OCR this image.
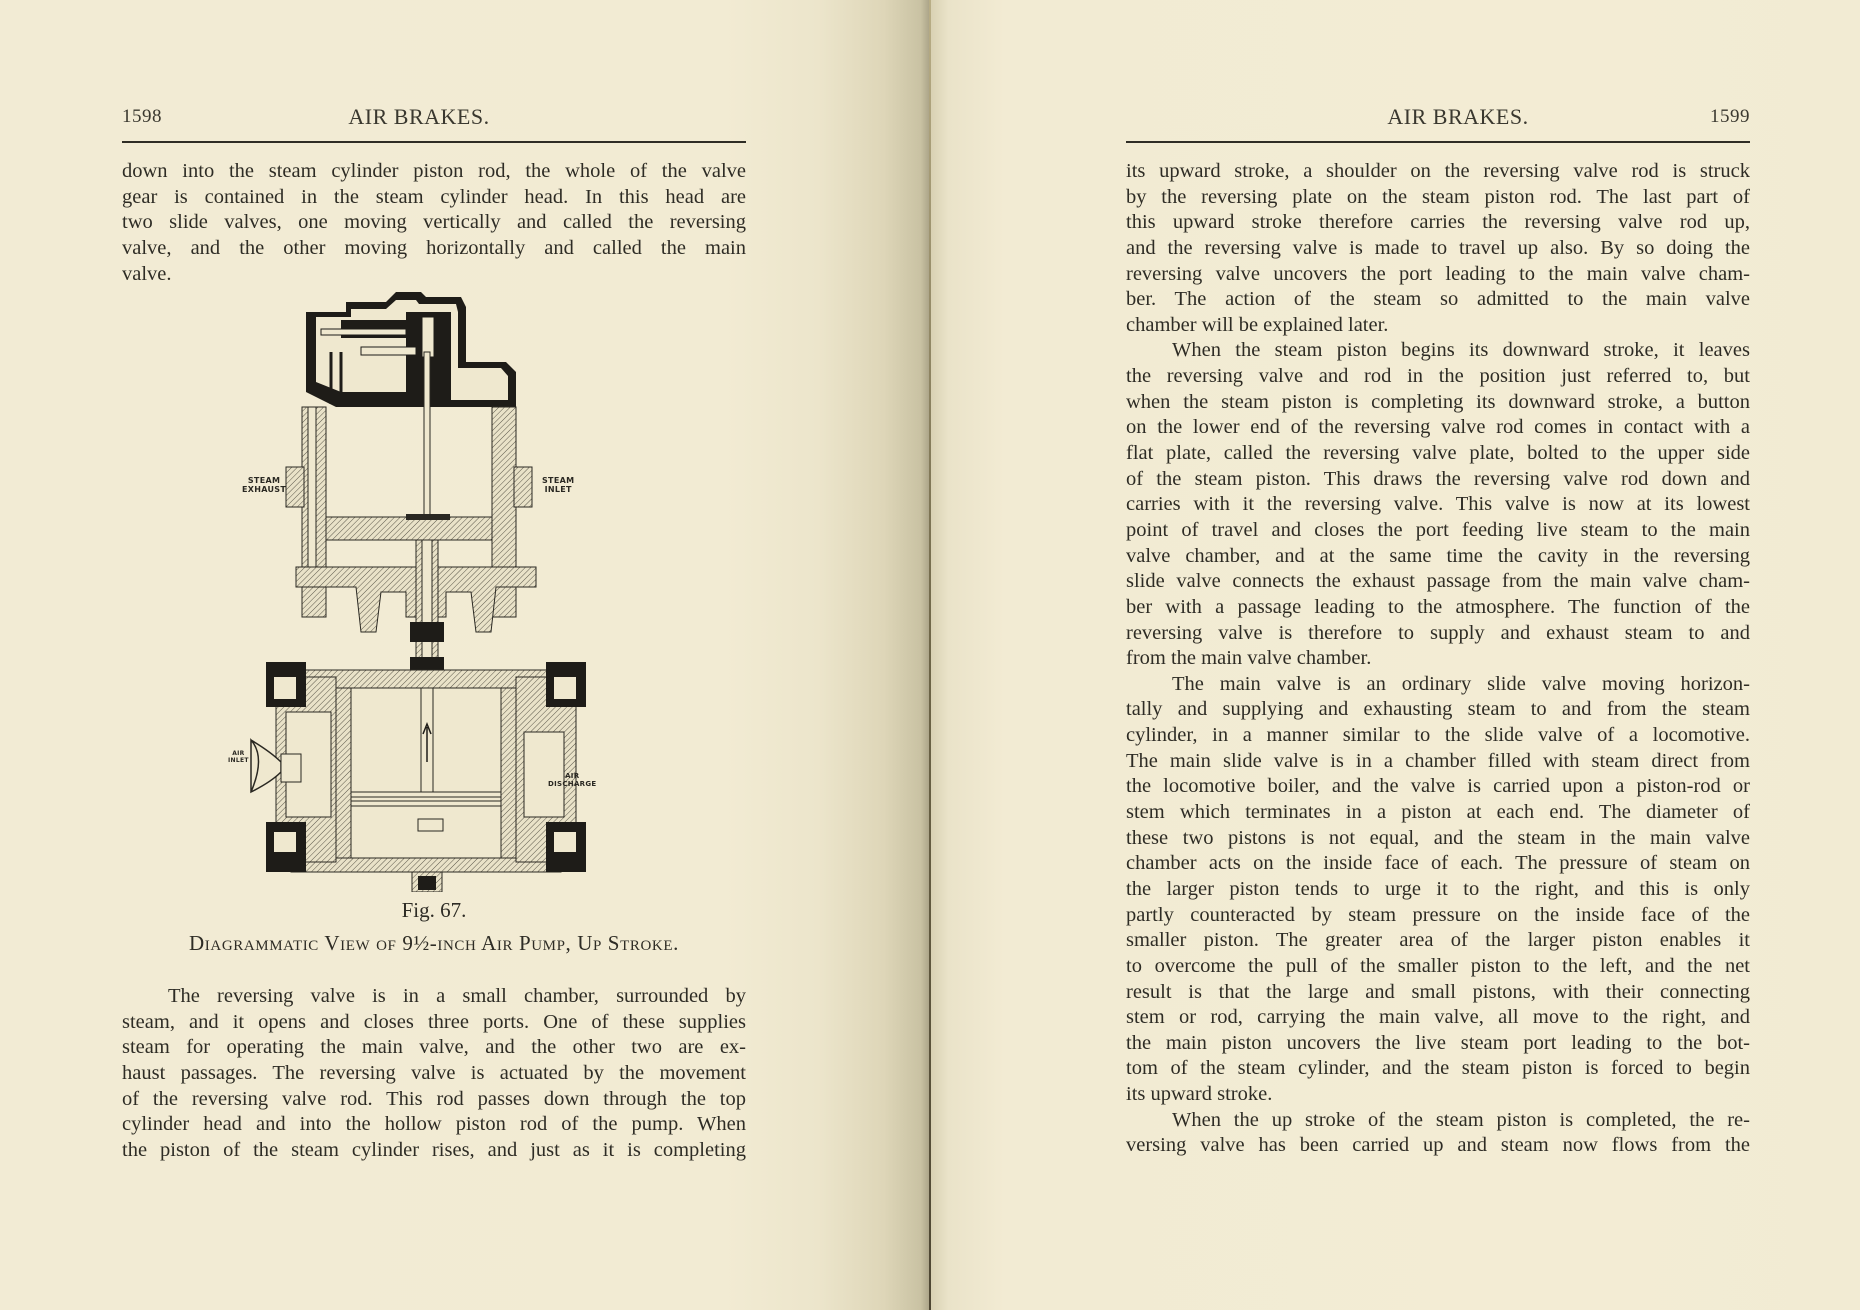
1598	AIR BRAKES.
down into the steam cylinder piston rod, the whole of the valve
gear is contained in the steam cylinder head. In this head are
two slide valves, one moving vertically and called the reversing
valve, and the other moving horizontally and called the main
valve.
STEAM
EXHAUST
STEAM
INLET
AIR
INLET
AIR
DISCHARGE
Fig. 67.
Diagrammatic View of 9½-inch Air Pump, Up Stroke.
The reversing valve is in a small chamber, surrounded by
steam, and it opens and closes three ports. One of these supplies
steam for operating the main valve, and the other two are ex-
haust passages. The reversing valve is actuated by the movement
of the reversing valve rod. This rod passes down through the top
cylinder head and into the hollow piston rod of the pump. When
the piston of the steam cylinder rises, and just as it is completing
AIR BRAKES.	1599
its upward stroke, a shoulder on the reversing valve rod is struck
by the reversing plate on the steam piston rod. The last part of
this upward stroke therefore carries the reversing valve rod up,
and the reversing valve is made to travel up also. By so doing the
reversing valve uncovers the port leading to the main valve cham-
ber. The action of the steam so admitted to the main valve
chamber will be explained later.
When the steam piston begins its downward stroke, it leaves
the reversing valve and rod in the position just referred to, but
when the steam piston is completing its downward stroke, a button
on the lower end of the reversing valve rod comes in contact with a
flat plate, called the reversing valve plate, bolted to the upper side
of the steam piston. This draws the reversing valve rod down and
carries with it the reversing valve. This valve is now at its lowest
point of travel and closes the port feeding live steam to the main
valve chamber, and at the same time the cavity in the reversing
slide valve connects the exhaust passage from the main valve cham-
ber with a passage leading to the atmosphere. The function of the
reversing valve is therefore to supply and exhaust steam to and
from the main valve chamber.
The main valve is an ordinary slide valve moving horizon-
tally and supplying and exhausting steam to and from the steam
cylinder, in a manner similar to the slide valve of a locomotive.
The main slide valve is in a chamber filled with steam direct from
the locomotive boiler, and the valve is carried upon a piston-rod or
stem which terminates in a piston at each end. The diameter of
these two pistons is not equal, and the steam in the main valve
chamber acts on the inside face of each. The pressure of steam on
the larger piston tends to urge it to the right, and this is only
partly counteracted by steam pressure on the inside face of the
smaller piston. The greater area of the larger piston enables it
to overcome the pull of the smaller piston to the left, and the net
result is that the large and small pistons, with their connecting
stem or rod, carrying the main valve, all move to the right, and
the main piston uncovers the live steam port leading to the bot-
tom of the steam cylinder, and the steam piston is forced to begin
its upward stroke.
When the up stroke of the steam piston is completed, the re-
versing valve has been carried up and steam now flows from the
